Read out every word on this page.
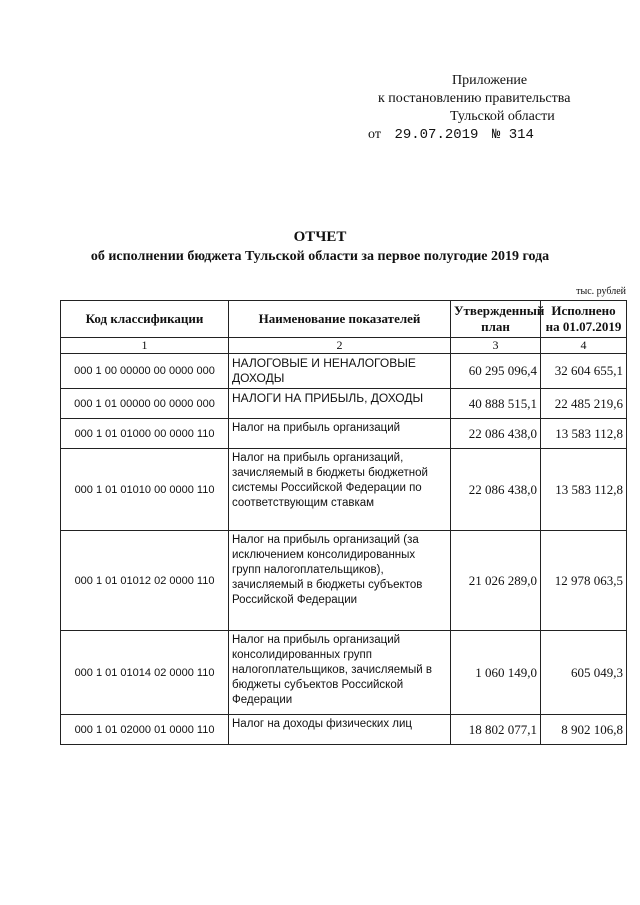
Приложение
к постановлению правительства
Тульской области
от 29.07.2019 № 314
ОТЧЕТ
об исполнении бюджета Тульской области за первое полугодие 2019 года
тыс. рублей
Код классификации	Наименование показателей	Утвержденный план	Исполнено на 01.07.2019
1	2	3	4
000 1 00 00000 00 0000 000	НАЛОГОВЫЕ И НЕНАЛОГОВЫЕ ДОХОДЫ	60 295 096,4	32 604 655,1
000 1 01 00000 00 0000 000	НАЛОГИ НА ПРИБЫЛЬ, ДОХОДЫ	40 888 515,1	22 485 219,6
000 1 01 01000 00 0000 110	Налог на прибыль организаций	22 086 438,0	13 583 112,8
000 1 01 01010 00 0000 110	Налог на прибыль организаций, зачисляемый в бюджеты бюджетной системы Российской Федерации по соответствующим ставкам	22 086 438,0	13 583 112,8
000 1 01 01012 02 0000 110	Налог на прибыль организаций (за исключением консолидированных групп налогоплательщиков), зачисляемый в бюджеты субъектов Российской Федерации	21 026 289,0	12 978 063,5
000 1 01 01014 02 0000 110	Налог на прибыль организаций консолидированных групп налогоплательщиков, зачисляемый в бюджеты субъектов Российской Федерации	1 060 149,0	605 049,3
000 1 01 02000 01 0000 110	Налог на доходы физических лиц	18 802 077,1	8 902 106,8
